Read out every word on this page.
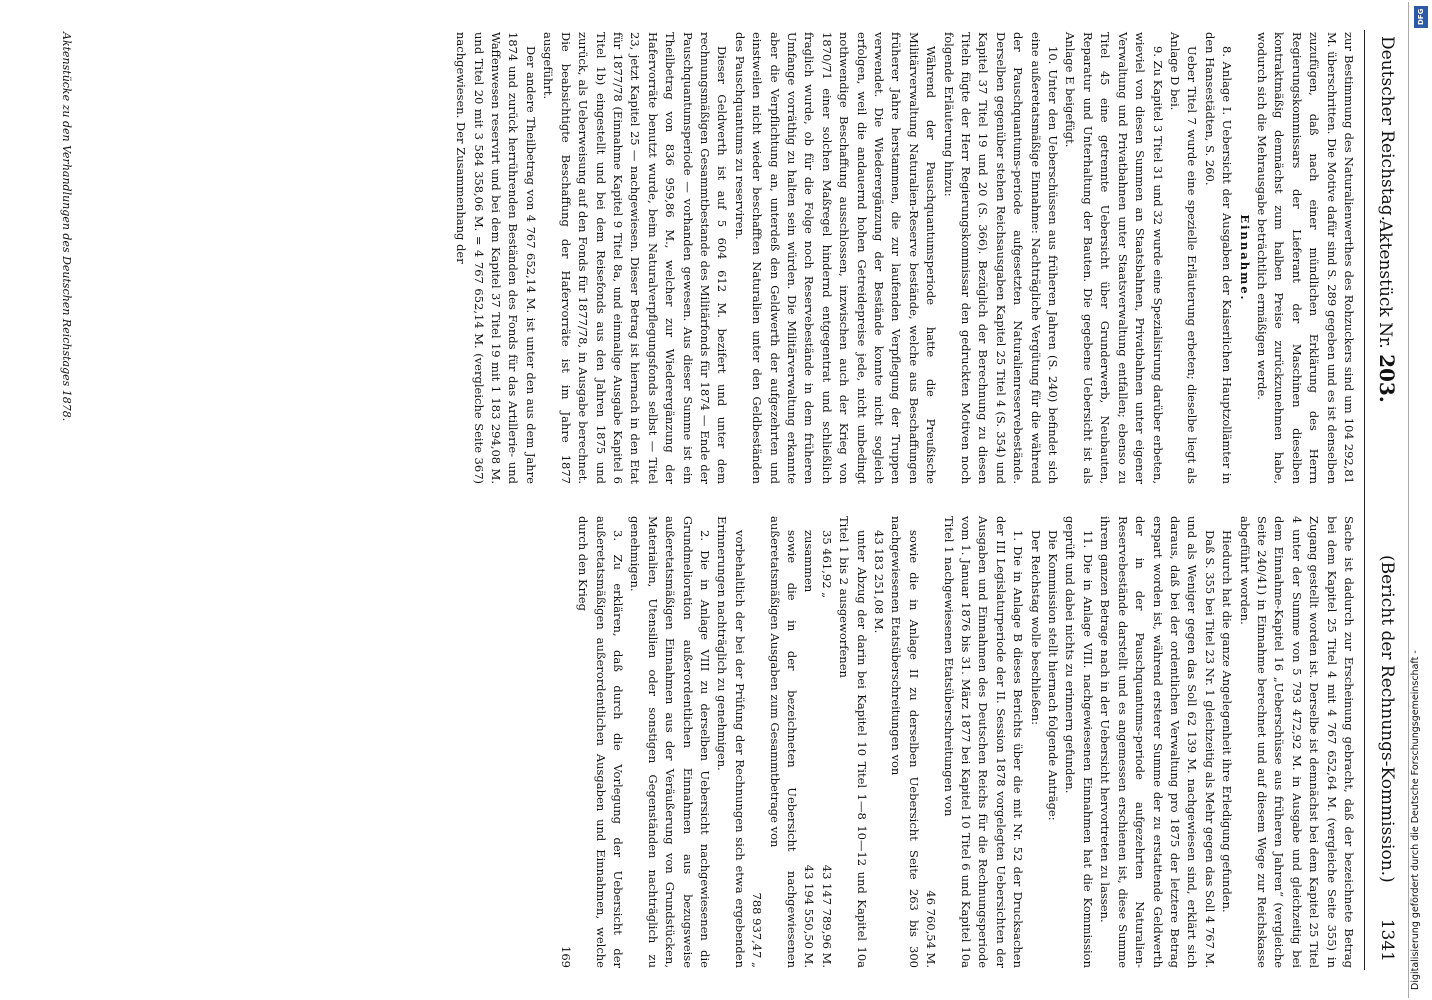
Deutscher Reichstag.
Aktenstück Nr. 203.
(Bericht der Rechnungs-Kommission.)
1341

zur Bestimmung des Naturalienwerthes des Rohzuckers sind um 104 292,81 M. überschritten. Die Motive dafür sind S. 289 gegeben und es ist denselben zuzufügen, daß nach einer mündlichen Erklärung des Herrn Regierungskommissars der Lieferant der Maschinen dieselben kontraktmäßig demnächst zum halben Preise zurückzunehmen habe, wodurch sich die Mehrausgabe beträchtlich ermäßigen werde.

Einnahme.

8. Anlage I. Uebersicht der Ausgaben der Kaiserlichen Hauptzollämter in den Hansestädten, S. 260.

Ueber Titel 7 wurde eine spezielle Erläuterung erbeten; dieselbe liegt als Anlage D bei.

9. Zu Kapitel 3 Titel 31 und 32 wurde eine Spezialisirung darüber erbeten, wieviel von diesen Summen an Staatsbahnen, Privatbahnen unter eigener Verwaltung und Privatbahnen unter Staatsverwaltung entfallen; ebenso zu Titel 45 eine getrennte Uebersicht über Grunderwerb, Neubauten, Reparatur und Unterhaltung der Bauten. Die gegebene Uebersicht ist als Anlage E beigefügt.

10. Unter den Ueberschüssen aus früheren Jahren (S. 240) befindet sich eine außeretatsmäßige Einnahme: Nachträgliche Vergütung für die während der Pauschquantums-periode aufgesetzten Naturalienreservebestände. Derselben gegenüber stehen Reichsausgaben Kapitel 25 Titel 4 (S. 354) und Kapitel 37 Titel 19 und 20 (S. 366). Bezüglich der Berechnung zu diesen Titeln fügte der Herr Regierungskommissar den gedruckten Motiven noch folgende Erläuterung hinzu:

Während der Pauschquantumsperiode hatte die Preußische Militärverwaltung Naturalien-Reserve bestände, welche aus Beschaffungen früherer Jahre herstammen, die zur laufenden Verpflegung der Truppen verwendet. Die Wiederergänzung der Bestände konnte nicht sogleich erfolgen, weil die andauernd hohen Getreidepreise jede, nicht unbedingt nothwendige Beschaffung ausschlossen, inzwischen auch der Krieg von 1870/71 einer solchen Maßregel hindernd entgegentrat und schließlich fraglich wurde, ob für die Folge noch Reservebestände in dem früheren Umfange vorräthig zu halten sein würden. Die Militärverwaltung erkannte aber die Verpflichtung an, unterdeß den Geldwerth der aufgezehrten und einstweilen nicht wieder beschafften Naturalien unter den Geldbeständen des Pauschquantums zu reserviren.

Dieser Geldwerth ist auf 5 604 612 M. bezifert und unter dem rechnungsmäßigen Gesammtbestande des Militärfonds für 1874 — Ende der Pauschquantumsperiode — vorhanden gewesen. Aus dieser Summe ist ein Theilbetrag von 836 959,86 M., welcher zur Wiederergänzung der Hafervorräte benutzt wurde, beim Naturalverpflegungsfonds selbst — Titel 23, jetzt Kapitel 25 — nachgewiesen. Dieser Betrag ist hiernach in den Etat für 1877/78 (Einnahme Kapitel 9 Titel 8a, und einmalige Ausgabe Kapitel 6 Titel 1b) eingestellt und bei dem Reisefonds aus den Jahren 1875 und zurück, als Ueberweisung auf den Fonds für 1877/78, in Ausgabe berechnet. Die beabsichtigte Beschaffung der Hafervorräte ist im Jahre 1877 ausgeführt.

Der andere Theilbetrag von 4 767 652,14 M. ist unter den aus dem Jahre 1874 und zurück herrührenden Beständen des Fonds für das Artillerie- und Waffenwesen reservirt und bei dem Kapitel 37 Titel 19 mit 1 183 294,08 M. und Titel 20 mit 3 584 358,06 M. = 4 767 652,14 M. (vergleiche Seite 367) nachgewiesen. Der Zusammenhang der

Sache ist dadurch zur Erscheinung gebracht, daß der bezeichnete Betrag bei dem Kapitel 25 Titel 4 mit 4 767 652,64 M. (vergleiche Seite 355) in Zugang gestellt worden ist. Derselbe ist demnächst bei dem Kapitel 25 Titel 4 unter der Summe von 5 793 472,92 M. in Ausgabe und gleichzeitig bei dem Einnahme-Kapitel 16 „Ueberschüsse aus früheren Jahren“ (vergleiche Seite 240/41) in Einnahme berechnet und auf diesem Wege zur Reichskasse abgeführt worden.

Hiedurch hat die ganze Angelegenheit ihre Erledigung gefunden.

Daß S. 355 bei Titel 23 Nr. 1 gleichzeitig als Mehr gegen das Soll 4 767 M. und als Weniger gegen das Soll 62 139 M. nachgewiesen sind, erklärt sich daraus, daß bei der ordentlichen Verwaltung pro 1875 der letztere Betrag erspart worden ist, während ersterer Summe der zu erstattende Geldwerth der in der Pauschquantums-periode aufgezehrten Naturalien-Reservebestände darstellt und es angemessen erschienen ist, diese Summe ihrem ganzen Betrage nach in der Uebersicht hervortreten zu lassen.

11. Die in Anlage VIII. nachgewiesenen Einnahmen hat die Kommission geprüft und dabei nichts zu erinnern gefunden.

Die Kommission stellt hiernach folgende Anträge:

Der Reichstag wolle beschließen:

1. Die in Anlage B dieses Berichts über die mit Nr. 52 der Drucksachen der III Legislaturperiode der II. Session 1878 vorgelegten Uebersichten der Ausgaben und Einnahmen des Deutschen Reichs für die Rechnungsperiode vom 1. Januar 1876 bis 31. März 1877 bei Kapitel 10 Titel 6 und Kapitel 10a Titel 1 nachgewiesenen Etatsüberschreitungen von

46 760,54 M.

sowie die in Anlage II zu derselben Uebersicht Seite 263 bis 300 nachgewiesenen Etatsüberschreitungen von

43 183 251,08 M.

unter Abzug der darin bei Kapitel 10 Titel 1—8 10—12 und Kapitel 10a Titel 1 bis 2 ausgeworfenen

35 461,92 „
43 147 789,96 M.

zusammen
43 194 550,50 M.

sowie die in der bezeichneten Uebersicht nachgewiesenen außeretatsmäßigen Ausgaben zum Gesammtbetrage von

788 937,47 „

vorbehaltlich der bei der Prüfung der Rechnungen sich etwa ergebenden Erinnerungen nachträglich zu genehmigen.

2. Die in Anlage VIII zu derselben Uebersicht nachgewiesenen die Grundmelioration außerordentlichen Einnahmen aus bezugsweise außeretatsmäßigen Einnahmen aus der Veräußerung von Grundstücken, Materialien, Utensilien oder sonstigen Gegenständen nachträglich zu genehmigen.

3. Zu erklären, daß durch die Vorlegung der Uebersicht der außeretatsmäßigen außerordentlichen Ausgaben und Einnahmen, welche durch den Krieg

169

Aktenstücke zu den Verhandlungen des Deutschen Reichstages 1878.
Digitalisierung gefördert durch die Deutsche Forschungsgemeinschaft -
DFG
